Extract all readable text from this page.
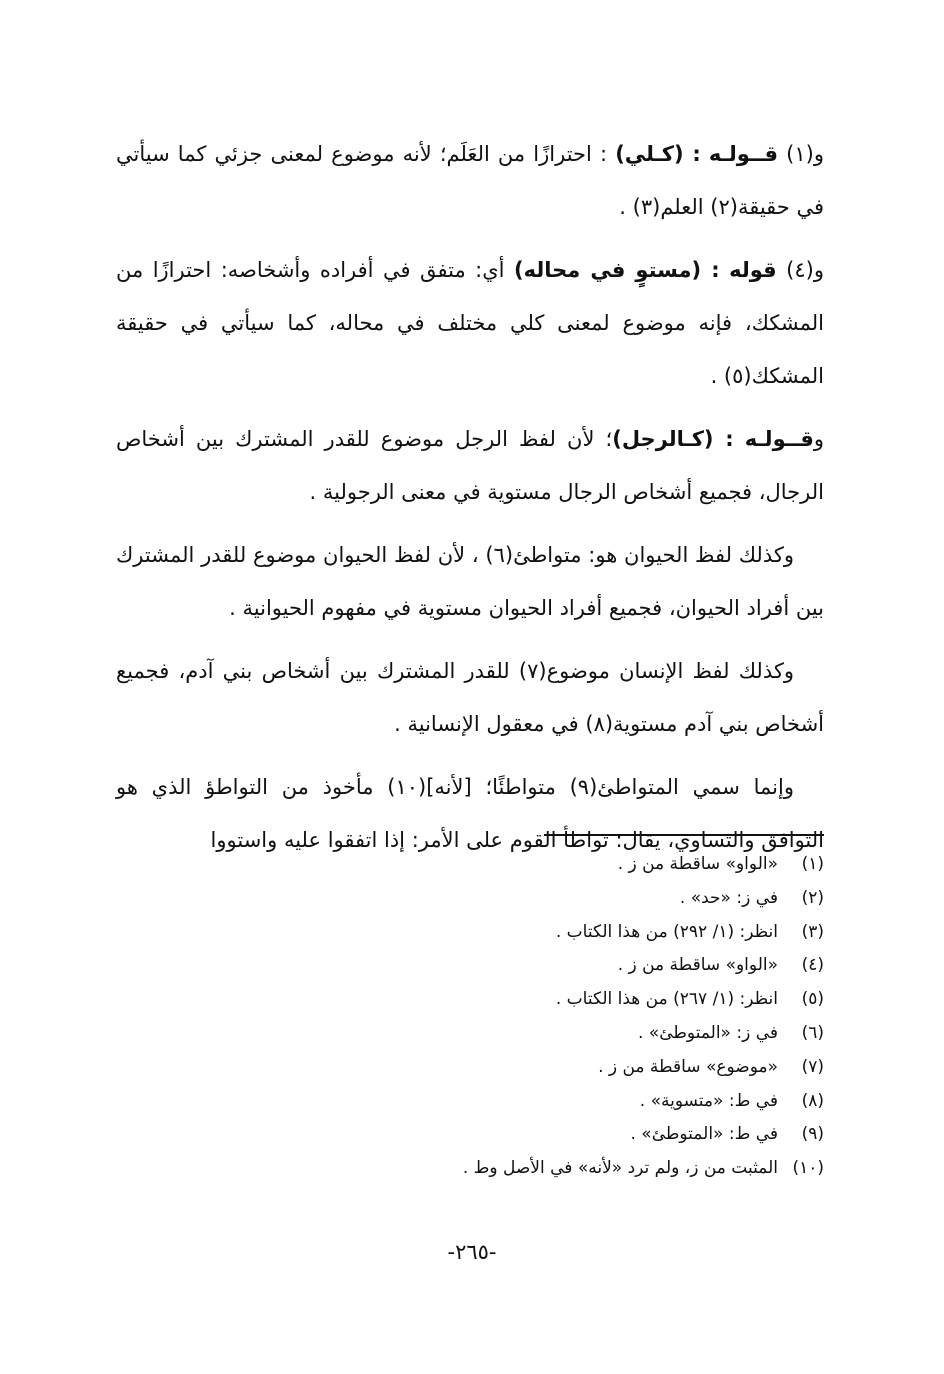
و(١) قــولـه : (كـلي) : احترازًا من العَلَم؛ لأنه موضوع لمعنى جزئي كما سيأتي في حقيقة(٢) العلم(٣) .

و(٤) قوله : (مستوٍ في محاله) أي: متفق في أفراده وأشخاصه: احترازًا من المشكك، فإنه موضوع لمعنى كلي مختلف في محاله، كما سيأتي في حقيقة المشكك(٥) .

وقــولـه : (كـالرجل)؛ لأن لفظ الرجل موضوع للقدر المشترك بين أشخاص الرجال، فجميع أشخاص الرجال مستوية في معنى الرجولية .

وكذلك لفظ الحيوان هو: متواطئ(٦) ، لأن لفظ الحيوان موضوع للقدر المشترك بين أفراد الحيوان، فجميع أفراد الحيوان مستوية في مفهوم الحيوانية .

وكذلك لفظ الإنسان موضوع(٧) للقدر المشترك بين أشخاص بني آدم، فجميع أشخاص بني آدم مستوية(٨) في معقول الإنسانية .

وإنما سمي المتواطئ(٩) متواطئًا؛ [لأنه](١٠) مأخوذ من التواطؤ الذي هو التوافق والتساوي، يقال: تواطأ القوم على الأمر: إذا اتفقوا عليه واستووا

(١)«الواو» ساقطة من ز .
(٢)في ز: «حد» .
(٣)انظر: (١/ ٢٩٢) من هذا الكتاب .
(٤)«الواو» ساقطة من ز .
(٥)انظر: (١/ ٢٦٧) من هذا الكتاب .
(٦)في ز: «المتوطئ» .
(٧)«موضوع» ساقطة من ز .
(٨)في ط: «متسوية» .
(٩)في ط: «المتوطئ» .
(١٠)المثبت من ز، ولم ترد «لأنه» في الأصل وط .
-٢٦٥-
